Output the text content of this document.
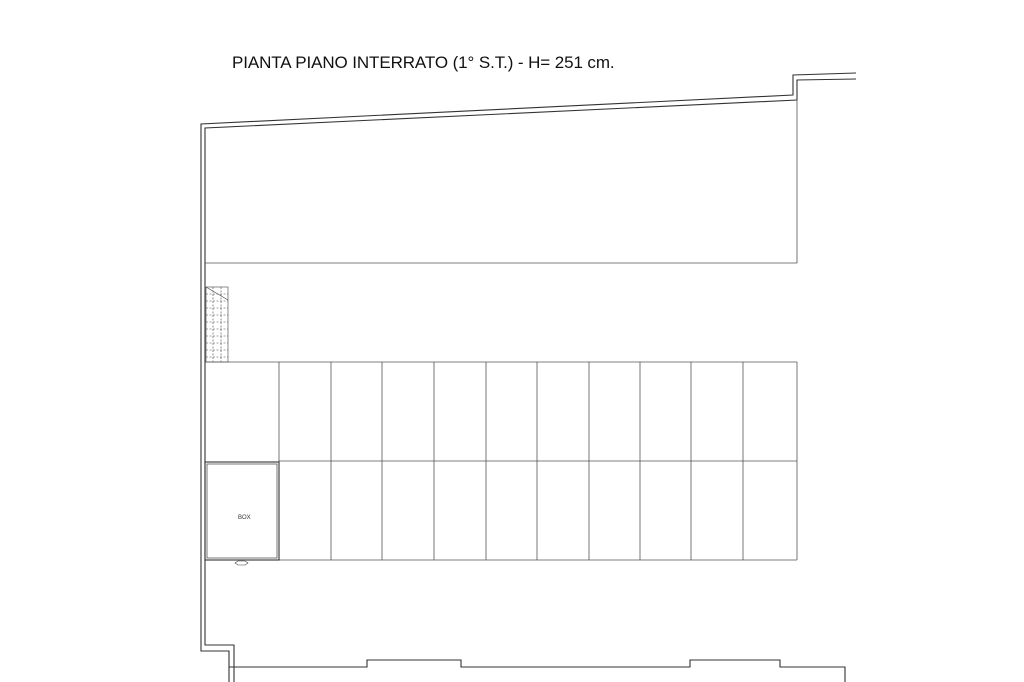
PIANTA PIANO INTERRATO (1° S.T.) - H= 251 cm.
BOX
